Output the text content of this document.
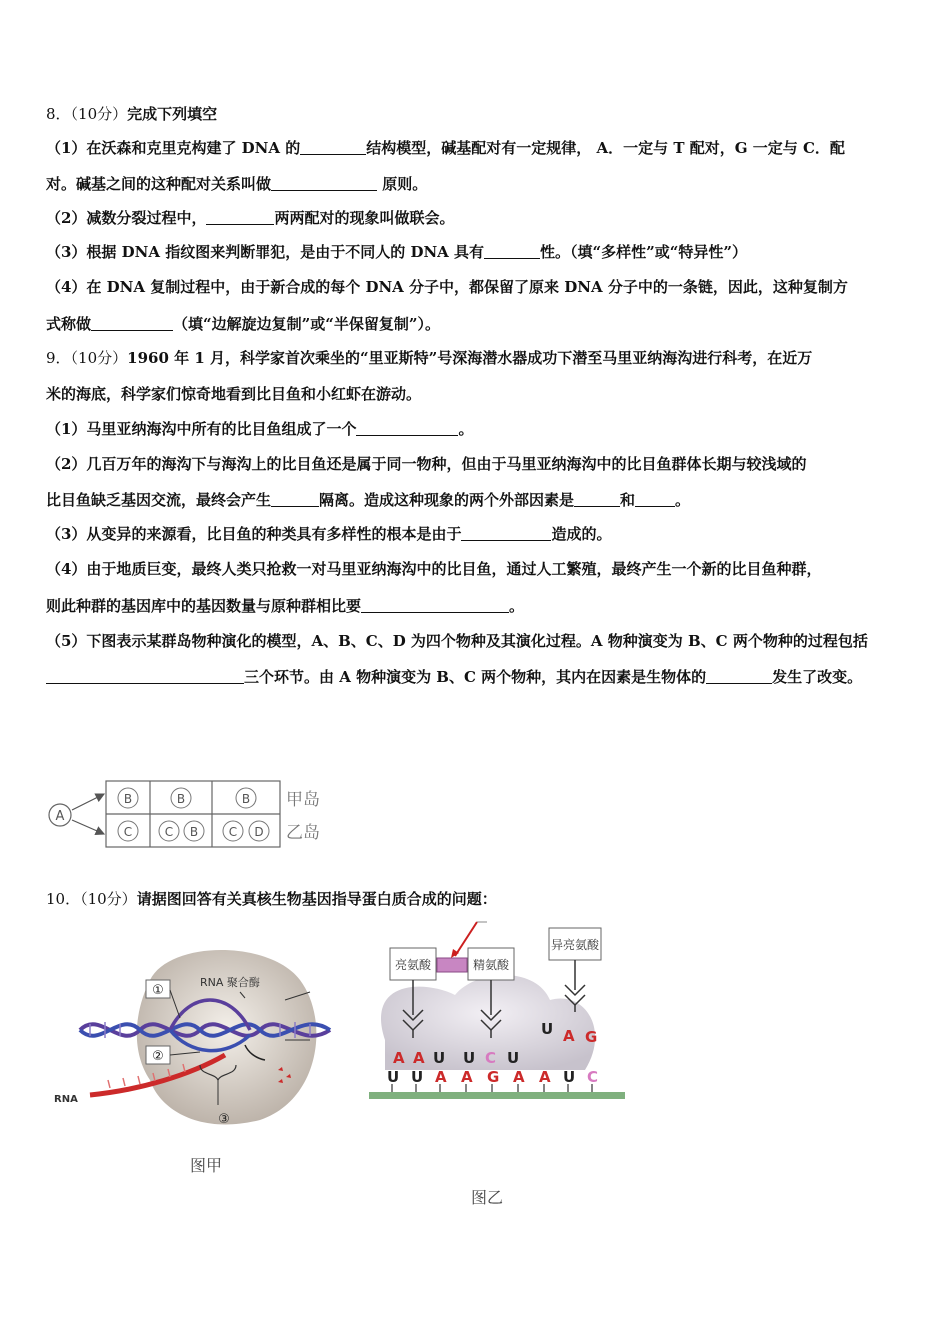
8．（10分）完成下列填空
（1）在沃森和克里克构建了 DNA 的	结构模型，碱基配对有一定规律， A．一定与 T 配对，G 一定与 C．配
对。碱基之间的这种配对关系叫做	原则。
（2）减数分裂过程中，	两两配对的现象叫做联会。
（3）根据 DNA 指纹图来判断罪犯，是由于不同人的 DNA 具有	性。（填“多样性”或“特异性”）
（4）在 DNA 复制过程中，由于新合成的每个 DNA 分子中，都保留了原来 DNA 分子中的一条链，因此，这种复制方
式称做	（填“边解旋边复制”或“半保留复制”）。
9．（10分）1960 年 1 月，科学家首次乘坐的“里亚斯特”号深海潜水器成功下潜至马里亚纳海沟进行科考，在近万
米的海底，科学家们惊奇地看到比目鱼和小红虾在游动。
（1）马里亚纳海沟中所有的比目鱼组成了一个	。
（2）几百万年的海沟下与海沟上的比目鱼还是属于同一物种，但由于马里亚纳海沟中的比目鱼群体长期与较浅域的
比目鱼缺乏基因交流，最终会产生	隔离。造成这种现象的两个外部因素是	和	。
（3）从变异的来源看，比目鱼的种类具有多样性的根本是由于	造成的。
（4）由于地质巨变，最终人类只抢救一对马里亚纳海沟中的比目鱼，通过人工繁殖，最终产生一个新的比目鱼种群，
则此种群的基因库中的基因数量与原种群相比要	。
（5）下图表示某群岛物种演化的模型，A、B、C、D 为四个物种及其演化过程。A 物种演变为 B、C 两个物种的过程包括
三个环节。由 A 物种演变为 B、C 两个物种，其内在因素是生物体的	发生了改变。
A
B	B	B
C	C B	C D
甲岛
乙岛
10．（10分）请据图回答有关真核生物基因指导蛋白质合成的问题：
①
RNA 聚合酶
②
③
RNA
图甲
亮氨酸	精氨酸
异亮氨酸
A A U U C U
U A G
U U A A G A A U C
图乙
